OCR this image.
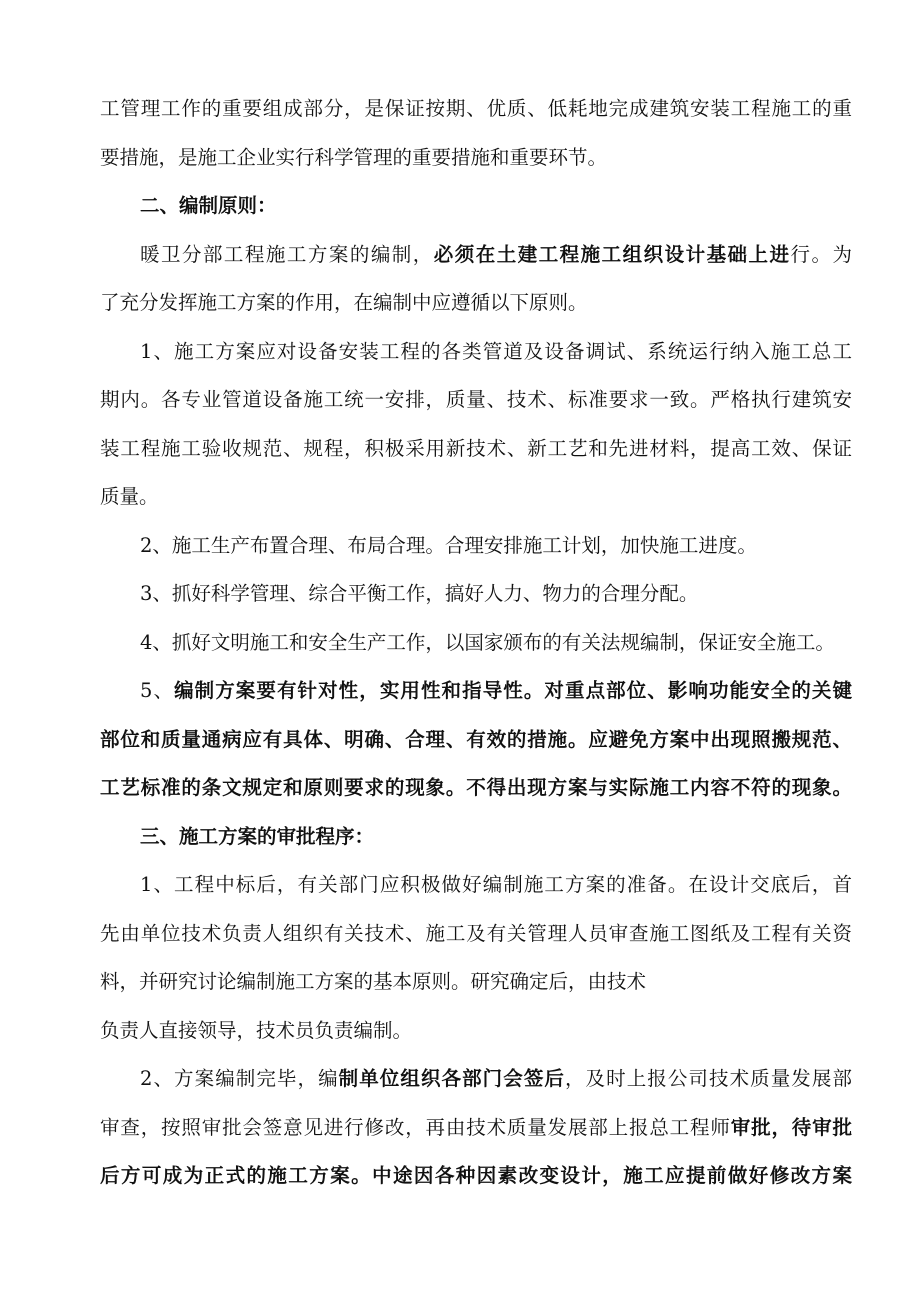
工管理工作的重要组成部分，是保证按期、优质、低耗地完成建筑安装工程施工的重
要措施，是施工企业实行科学管理的重要措施和重要环节。
二、编制原则：
暖卫分部工程施工方案的编制，必须在土建工程施工组织设计基础上进行。为
了充分发挥施工方案的作用，在编制中应遵循以下原则。
1、施工方案应对设备安装工程的各类管道及设备调试、系统运行纳入施工总工
期内。各专业管道设备施工统一安排，质量、技术、标准要求一致。严格执行建筑安
装工程施工验收规范、规程，积极采用新技术、新工艺和先进材料，提高工效、保证
质量。
2、施工生产布置合理、布局合理。合理安排施工计划，加快施工进度。
3、抓好科学管理、综合平衡工作，搞好人力、物力的合理分配。
4、抓好文明施工和安全生产工作，以国家颁布的有关法规编制，保证安全施工。
5、编制方案要有针对性，实用性和指导性。对重点部位、影响功能安全的关键
部位和质量通病应有具体、明确、合理、有效的措施。应避免方案中出现照搬规范、
工艺标准的条文规定和原则要求的现象。不得出现方案与实际施工内容不符的现象。
三、施工方案的审批程序：
1、工程中标后，有关部门应积极做好编制施工方案的准备。在设计交底后，首
先由单位技术负责人组织有关技术、施工及有关管理人员审查施工图纸及工程有关资
料，并研究讨论编制施工方案的基本原则。研究确定后，由技术
负责人直接领导，技术员负责编制。
2、方案编制完毕，编制单位组织各部门会签后，及时上报公司技术质量发展部
审查，按照审批会签意见进行修改，再由技术质量发展部上报总工程师审批，待审批
后方可成为正式的施工方案。中途因各种因素改变设计，施工应提前做好修改方案
